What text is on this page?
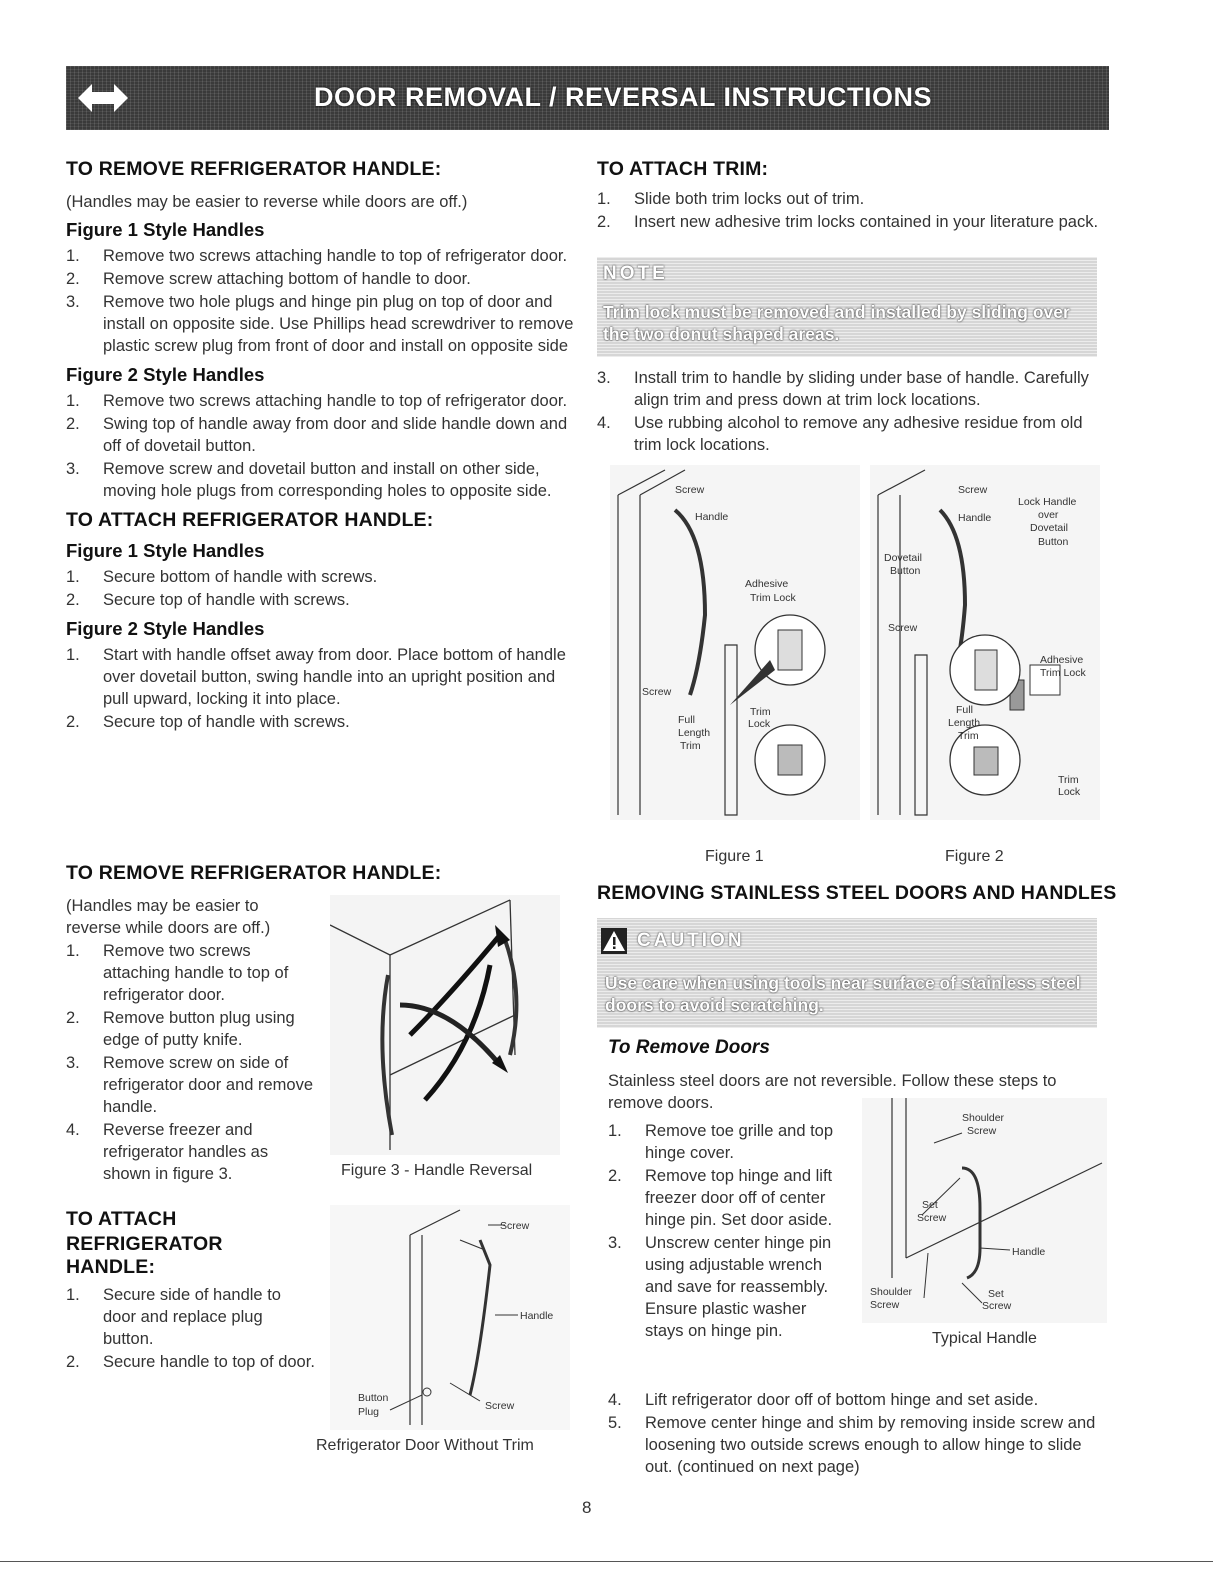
DOOR REMOVAL / REVERSAL INSTRUCTIONS
TO REMOVE REFRIGERATOR HANDLE:
(Handles may be easier to reverse while doors are off.)
Figure 1 Style Handles
1. Remove two screws attaching handle to top of refrigerator door.
2. Remove screw attaching bottom of handle to door.
3. Remove two hole plugs and hinge pin plug on top of door and install on opposite side. Use Phillips head screwdriver to remove plastic screw plug from front of door and install on opposite side
Figure 2 Style Handles
1. Remove two screws attaching handle to top of refrigerator door.
2. Swing top of handle away from door and slide handle down and off of dovetail button.
3. Remove screw and dovetail button and install on other side, moving hole plugs from corresponding holes to opposite side.
TO ATTACH REFRIGERATOR HANDLE:
Figure 1 Style Handles
1. Secure bottom of handle with screws.
2. Secure top of handle with screws.
Figure 2 Style Handles
1. Start with handle offset away from door. Place bottom of handle over dovetail button, swing handle into an upright position and pull upward, locking it into place.
2. Secure top of handle with screws.
TO REMOVE REFRIGERATOR HANDLE:
(Handles may be easier to reverse while doors are off.)
1. Remove two screws attaching handle to top of refrigerator door.
2. Remove button plug using edge of putty knife.
3. Remove screw on side of refrigerator door and remove handle.
4. Reverse freezer and refrigerator handles as shown in figure 3.	Figure 3 - Handle Reversal
TO ATTACH
REFRIGERATOR HANDLE:
1. Secure side of handle to door and replace plug button.
2. Secure handle to top of door.
Screw
Handle
Button
Plug	Screw
Refrigerator Door Without Trim
TO ATTACH TRIM:
1. Slide both trim locks out of trim.
2. Insert new adhesive trim locks contained in your literature pack.
NOTE
Trim lock must be removed and installed by sliding over the two donut shaped areas.
3. Install trim to handle by sliding under base of handle. Carefully align trim and press down at trim lock locations.
4. Use rubbing alcohol to remove any adhesive residue from old trim lock locations.
Screw
Handle
Adhesive
Trim Lock
Screw
Full
Length
Trim
Trim
Lock
Figure 1
Screw
Lock Handle
over
Dovetail
Button
Handle
Dovetail
Button
Screw
Adhesive
Trim Lock
Full
Length
Trim
Trim
Lock
Figure 2
REMOVING STAINLESS STEEL DOORS AND HANDLES
CAUTION
Use care when using tools near surface of stainless steel doors to avoid scratching.
To Remove Doors
Stainless steel doors are not reversible. Follow these steps to remove doors.
1. Remove toe grille and top hinge cover.
2. Remove top hinge and lift freezer door off of center hinge pin. Set door aside.
3. Unscrew center hinge pin using adjustable wrench and save for reassembly. Ensure plastic washer stays on hinge pin.
Shoulder
Screw
Set
Screw
Handle
Shoulder
Screw
Set
Screw
Typical Handle
4. Lift refrigerator door off of bottom hinge and set aside.
5. Remove center hinge and shim by removing inside screw and loosening two outside screws enough to allow hinge to slide out. (continued on next page)
8
